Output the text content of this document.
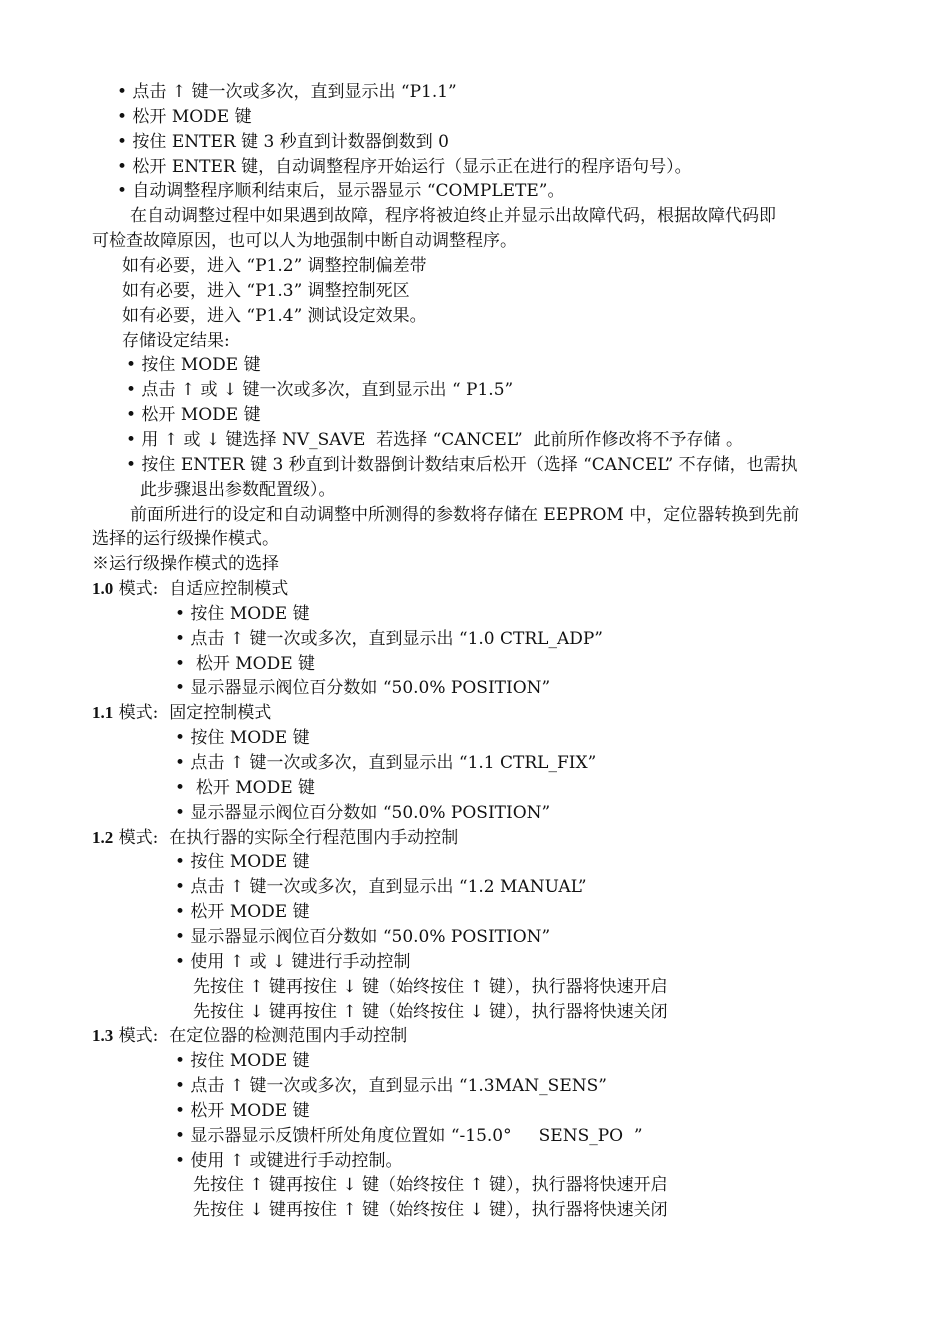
• 点击 ↑ 键一次或多次，直到显示出 “P1.1”
• 松开 MODE 键
• 按住 ENTER 键 3 秒直到计数器倒数到 0
• 松开 ENTER 键，自动调整程序开始运行（显示正在进行的程序语句号）。
• 自动调整程序顺利结束后，显示器显示 “COMPLETE”。
在自动调整过程中如果遇到故障，程序将被迫终止并显示出故障代码，根据故障代码即
可检查故障原因，也可以人为地强制中断自动调整程序。
如有必要，进入 “P1.2” 调整控制偏差带
如有必要，进入 “P1.3” 调整控制死区
如有必要，进入 “P1.4” 测试设定效果。
存储设定结果:
• 按住 MODE 键
• 点击 ↑ 或 ↓ 键一次或多次，直到显示出 “ P1.5”
• 松开 MODE 键
• 用 ↑ 或 ↓ 键选择 NV_SAVE  若选择 “CANCEL”  此前所作修改将不予存储 。
• 按住 ENTER 键 3 秒直到计数器倒计数结束后松开（选择 “CANCEL” 不存储，也需执
此步骤退出参数配置级）。
前面所进行的设定和自动调整中所测得的参数将存储在 EEPROM 中，定位器转换到先前
选择的运行级操作模式。
※运行级操作模式的选择
1.0 模式:  自适应控制模式
• 按住 MODE 键
• 点击 ↑ 键一次或多次，直到显示出 “1.0 CTRL_ADP”
•  松开 MODE 键
• 显示器显示阀位百分数如 “50.0% POSITION”
1.1 模式:  固定控制模式
• 按住 MODE 键
• 点击 ↑ 键一次或多次，直到显示出 “1.1 CTRL_FIX”
•  松开 MODE 键
• 显示器显示阀位百分数如 “50.0% POSITION”
1.2 模式:  在执行器的实际全行程范围内手动控制
• 按住 MODE 键
• 点击 ↑ 键一次或多次，直到显示出 “1.2 MANUAL”
• 松开 MODE 键
• 显示器显示阀位百分数如 “50.0% POSITION”
• 使用 ↑ 或 ↓ 键进行手动控制
先按住 ↑ 键再按住 ↓ 键（始终按住 ↑ 键），执行器将快速开启
先按住 ↓ 键再按住 ↑ 键（始终按住 ↓ 键），执行器将快速关闭
1.3 模式:  在定位器的检测范围内手动控制
• 按住 MODE 键
• 点击 ↑ 键一次或多次，直到显示出 “1.3MAN_SENS”
• 松开 MODE 键
• 显示器显示反馈杆所处角度位置如 “-15.0°     SENS_PO  ”
• 使用 ↑ 或键进行手动控制。
先按住 ↑ 键再按住 ↓ 键（始终按住 ↑ 键），执行器将快速开启
先按住 ↓ 键再按住 ↑ 键（始终按住 ↓ 键），执行器将快速关闭
